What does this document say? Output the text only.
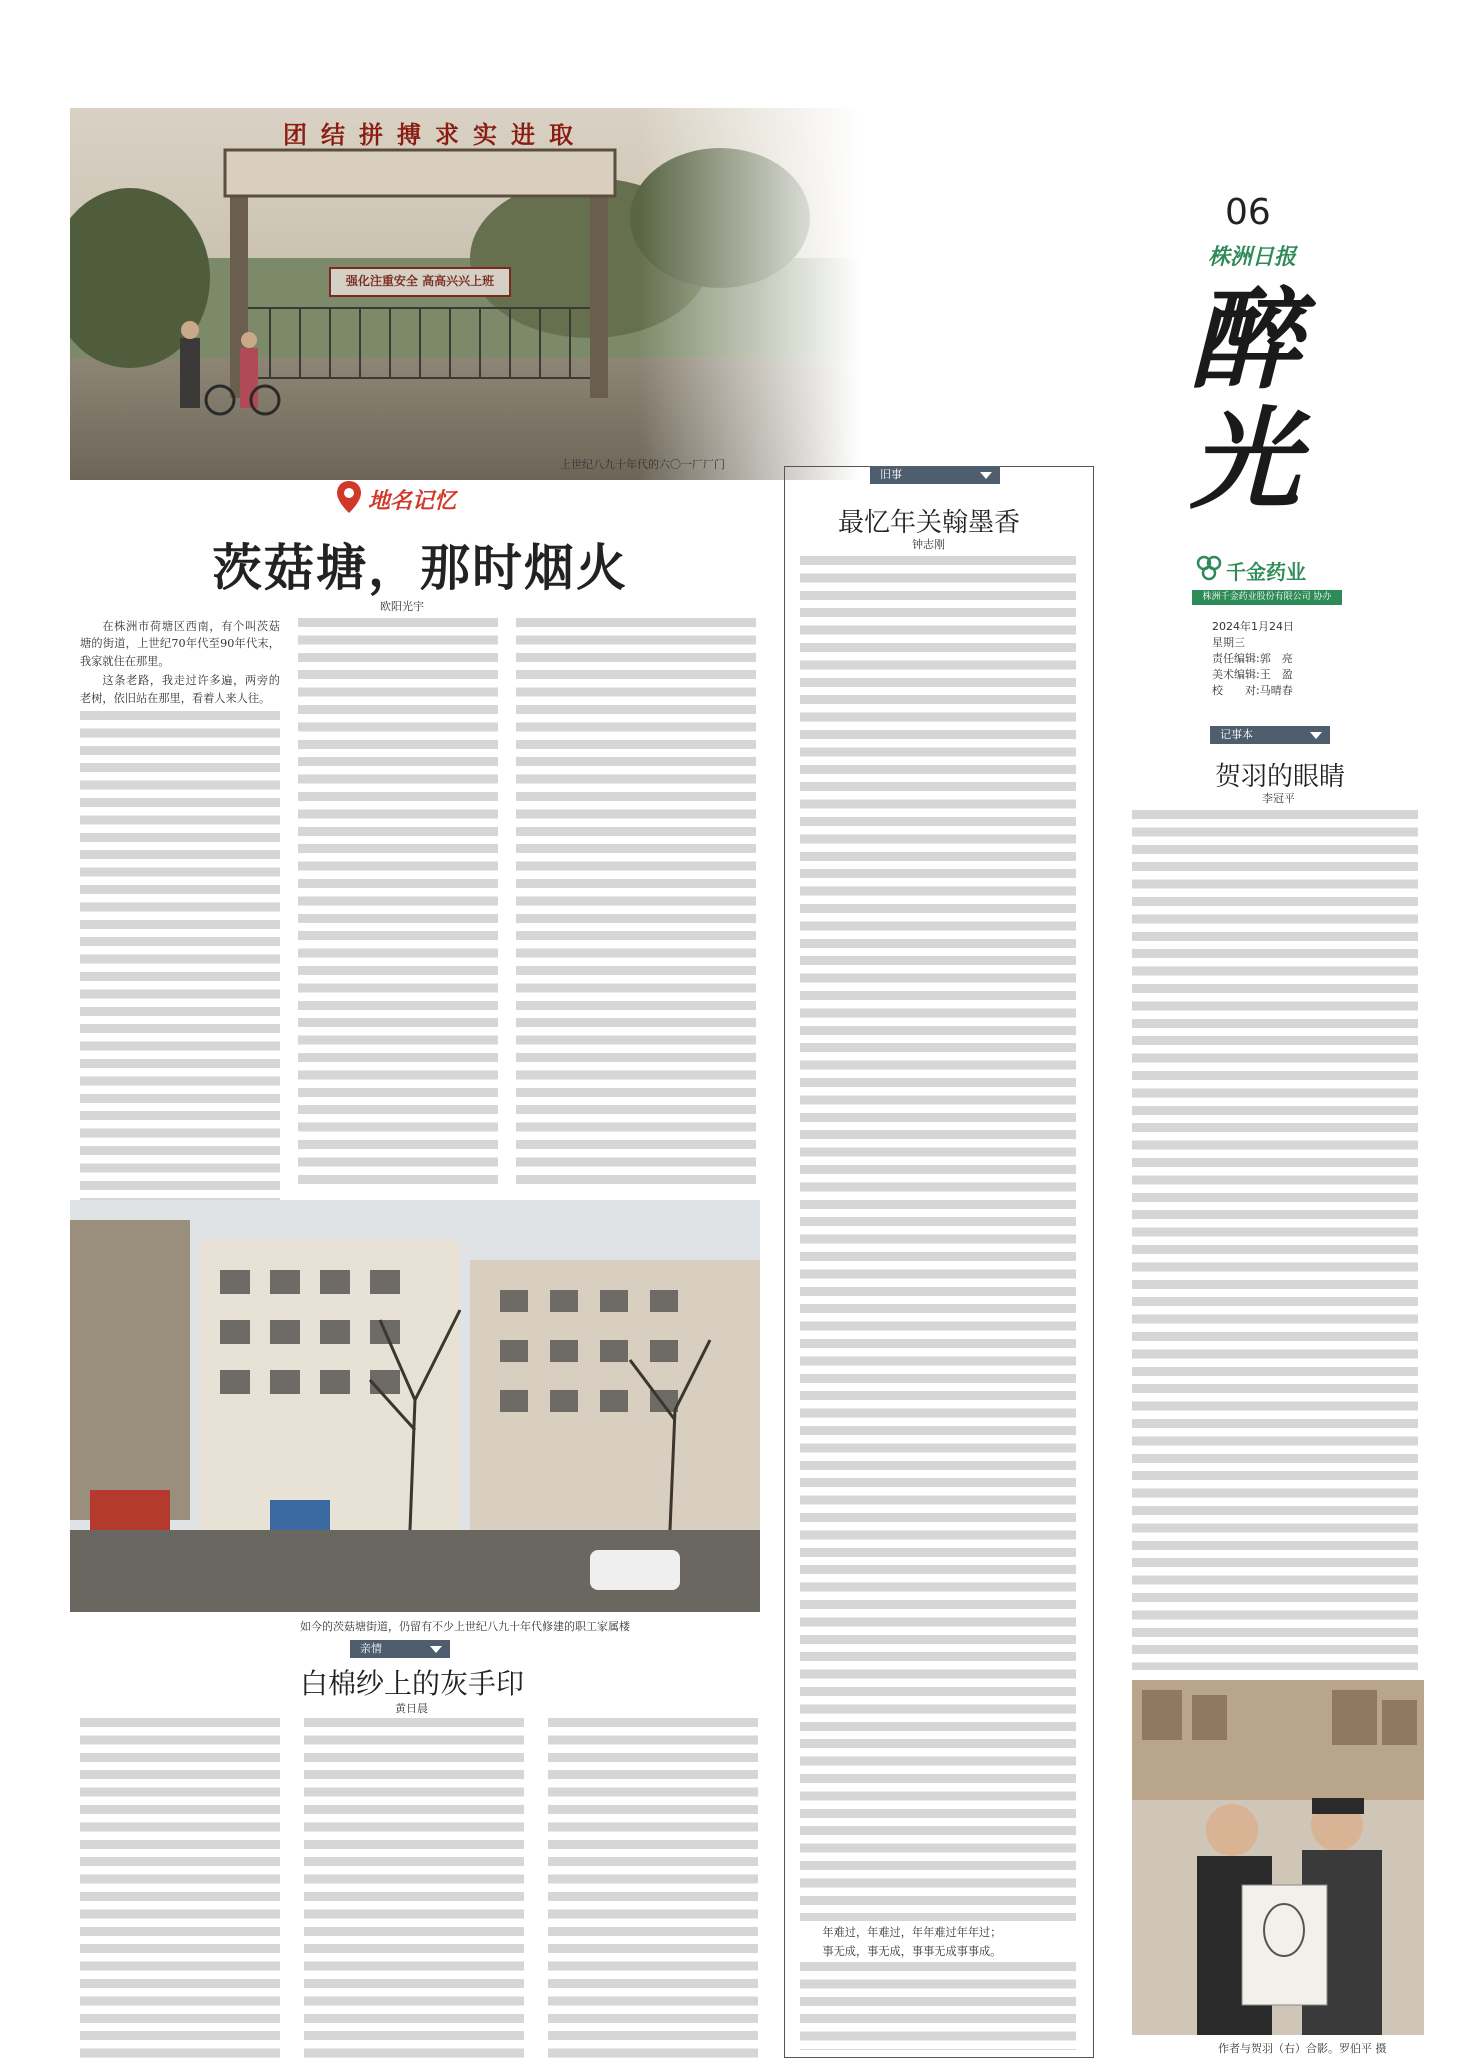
团结拼搏求实进取
强化注重安全 高高兴兴上班
上世纪八九十年代的六〇一厂厂门
06
株洲日报
醉光
千金药业
株洲千金药业股份有限公司 协办
2024年1月24日
星期三
责任编辑:郭　亮
美术编辑:王　盈
校　　对:马晴春
地名记忆
茨菇塘，那时烟火
欧阳光宇

在株洲市荷塘区西南，有个叫茨菇塘的街道，上世纪70年代至90年代末，我家就住在那里。

这条老路，我走过许多遍，两旁的老树，依旧站在那里，看着人来人往。

如今的茨菇塘街道，仍留有不少上世纪八九十年代修建的职工家属楼
亲情
白棉纱上的灰手印
黄日晨
旧事
最忆年关翰墨香
钟志刚

年难过，年难过，年年难过年年过；

事无成，事无成，事事无成事事成。

记事本
贺羽的眼睛
李冠平
作者与贺羽（右）合影。罗伯平 摄
